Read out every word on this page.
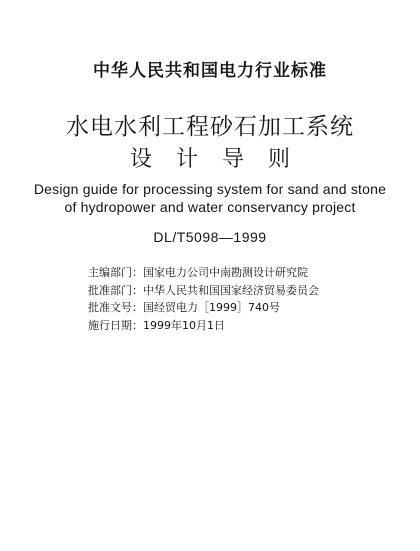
中华人民共和国电力行业标准
水电水利工程砂石加工系统
设计导则
Design guide for processing system for sand and stone
of hydropower and water conservancy project
DL/T5098—1999
主编部门：国家电力公司中南勘测设计研究院
批准部门：中华人民共和国国家经济贸易委员会
批准文号：国经贸电力［1999］740号
施行日期：1999年10月1日
